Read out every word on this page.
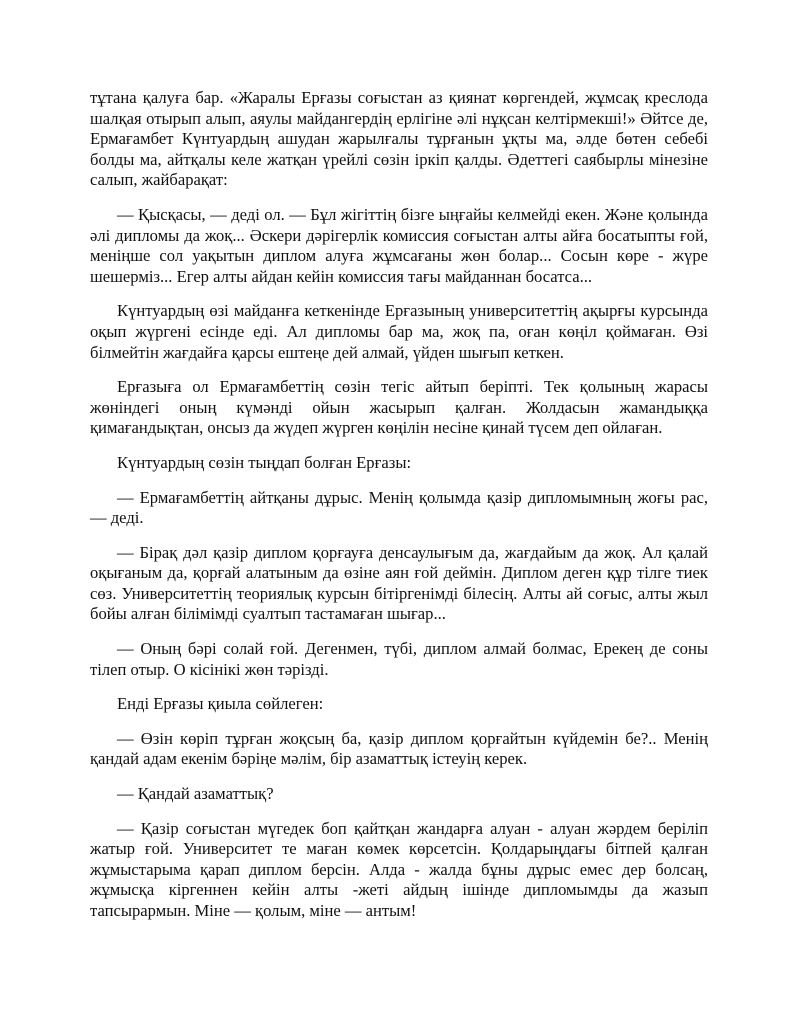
тұтана қалуға бар. «Жаралы Ерғазы соғыстан аз қиянат көргендей, жұмсақ креслода шалқая отырып алып, аяулы майдангердің ерлігіне әлі нұқсан келтірмекші!» Әйтсе де, Ермағамбет Күнтуардың ашудан жарылғалы тұрғанын ұқты ма, әлде бөтен себебі болды ма, айтқалы келе жатқан үрейлі сөзін іркіп қалды. Әдеттегі саябырлы мінезіне салып, жайбарақат:

— Қысқасы, — деді ол. — Бұл жігіттің бізге ыңғайы келмейді екен. Және қолында әлі дипломы да жоқ... Әскери дәрігерлік комиссия соғыстан алты айға босатыпты ғой, меніңше сол уақытын диплом алуға жұмсағаны жөн болар... Сосын көре - жүре шешерміз... Егер алты айдан кейін комиссия тағы майданнан босатса...

Күнтуардың өзі майданға кеткенінде Ерғазының университеттің ақырғы курсында оқып жүргені есінде еді. Ал дипломы бар ма, жоқ па, оған көңіл қоймаған. Өзі білмейтін жағдайға қарсы ештеңе дей алмай, үйден шығып кеткен.

Ерғазыға ол Ермағамбеттің сөзін тегіс айтып беріпті. Тек қолының жарасы жөніндегі оның күмәнді ойын жасырып қалған. Жолдасын жамандыққа қимағандықтан, онсыз да жүдеп жүрген көңілін несіне қинай түсем деп ойлаған.

Күнтуардың сөзін тыңдап болған Ерғазы:

— Ермағамбеттің айтқаны дұрыс. Менің қолымда қазір дипломымның жоғы рас, — деді.

— Бірақ дәл қазір диплом қорғауға денсаулығым да, жағдайым да жоқ. Ал қалай оқығаным да, қорғай алатыным да өзіне аян ғой деймін. Диплом деген құр тілге тиек сөз. Университеттің теориялық курсын бітіргенімді білесің. Алты ай соғыс, алты жыл бойы алған білімімді суалтып тастамаған шығар...

— Оның бәрі солай ғой. Дегенмен, түбі, диплом алмай болмас, Ерекең де соны тілеп отыр. О кісінікі жөн тәрізді.

Енді Ерғазы қиыла сөйлеген:

— Өзін көріп тұрған жоқсың ба, қазір диплом қорғайтын күйдемін бе?.. Менің қандай адам екенім бәріңе мәлім, бір азаматтық істеуің керек.

— Қандай азаматтық?

— Қазір соғыстан мүгедек боп қайтқан жандарға алуан - алуан жәрдем беріліп жатыр ғой. Университет те маған көмек көрсетсін. Қолдарыңдағы бітпей қалған жұмыстарыма қарап диплом берсін. Алда - жалда бұны дұрыс емес дер болсаң, жұмысқа кіргеннен кейін алты -жеті айдың ішінде дипломымды да жазып тапсырармын. Міне — қолым, міне — антым!
